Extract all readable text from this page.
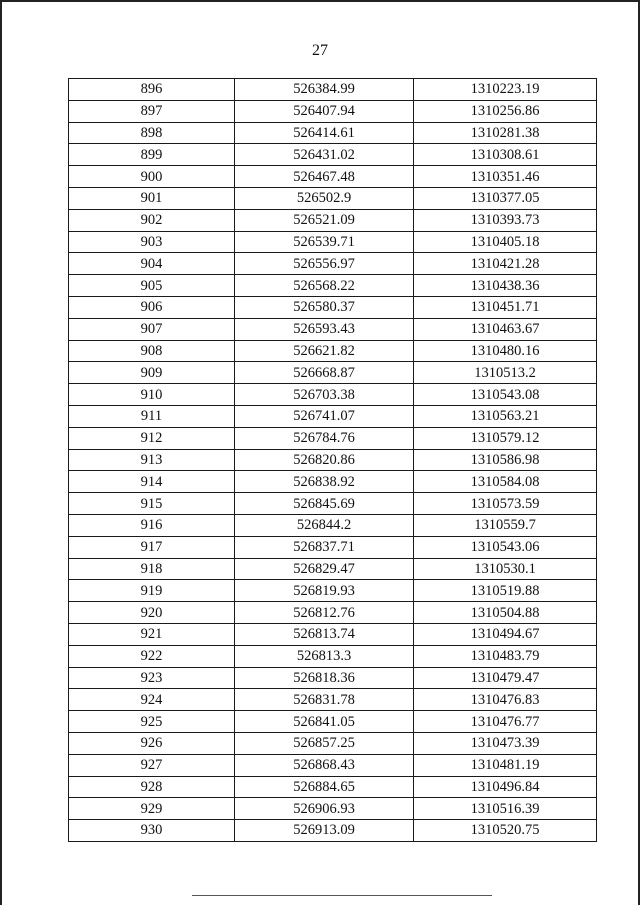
27
896	526384.99	1310223.19
897	526407.94	1310256.86
898	526414.61	1310281.38
899	526431.02	1310308.61
900	526467.48	1310351.46
901	526502.9	1310377.05
902	526521.09	1310393.73
903	526539.71	1310405.18
904	526556.97	1310421.28
905	526568.22	1310438.36
906	526580.37	1310451.71
907	526593.43	1310463.67
908	526621.82	1310480.16
909	526668.87	1310513.2
910	526703.38	1310543.08
911	526741.07	1310563.21
912	526784.76	1310579.12
913	526820.86	1310586.98
914	526838.92	1310584.08
915	526845.69	1310573.59
916	526844.2	1310559.7
917	526837.71	1310543.06
918	526829.47	1310530.1
919	526819.93	1310519.88
920	526812.76	1310504.88
921	526813.74	1310494.67
922	526813.3	1310483.79
923	526818.36	1310479.47
924	526831.78	1310476.83
925	526841.05	1310476.77
926	526857.25	1310473.39
927	526868.43	1310481.19
928	526884.65	1310496.84
929	526906.93	1310516.39
930	526913.09	1310520.75
